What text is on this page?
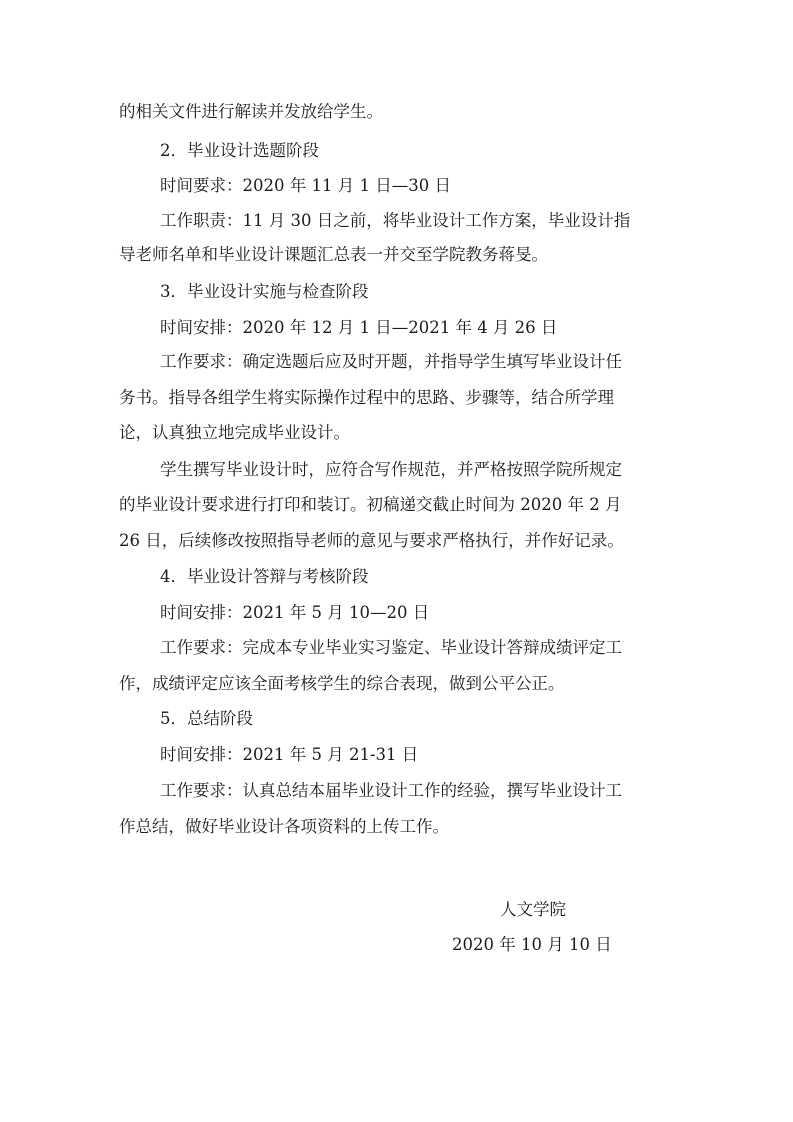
的相关文件进行解读并发放给学生。
2．毕业设计选题阶段
时间要求：2020 年 11 月 1 日—30 日
工作职责：11 月 30 日之前，将毕业设计工作方案，毕业设计指
导老师名单和毕业设计课题汇总表一并交至学院教务蒋旻。
3．毕业设计实施与检查阶段
时间安排：2020 年 12 月 1 日—2021 年 4 月 26 日
工作要求：确定选题后应及时开题，并指导学生填写毕业设计任
务书。指导各组学生将实际操作过程中的思路、步骤等，结合所学理
论，认真独立地完成毕业设计。
学生撰写毕业设计时，应符合写作规范，并严格按照学院所规定
的毕业设计要求进行打印和装订。初稿递交截止时间为 2020 年 2 月
26 日，后续修改按照指导老师的意见与要求严格执行，并作好记录。
4．毕业设计答辩与考核阶段
时间安排：2021 年 5 月 10—20 日
工作要求：完成本专业毕业实习鉴定、毕业设计答辩成绩评定工
作，成绩评定应该全面考核学生的综合表现，做到公平公正。
5．总结阶段
时间安排：2021 年 5 月 21-31 日
工作要求：认真总结本届毕业设计工作的经验，撰写毕业设计工
作总结，做好毕业设计各项资料的上传工作。
人文学院
2020 年 10 月 10 日
